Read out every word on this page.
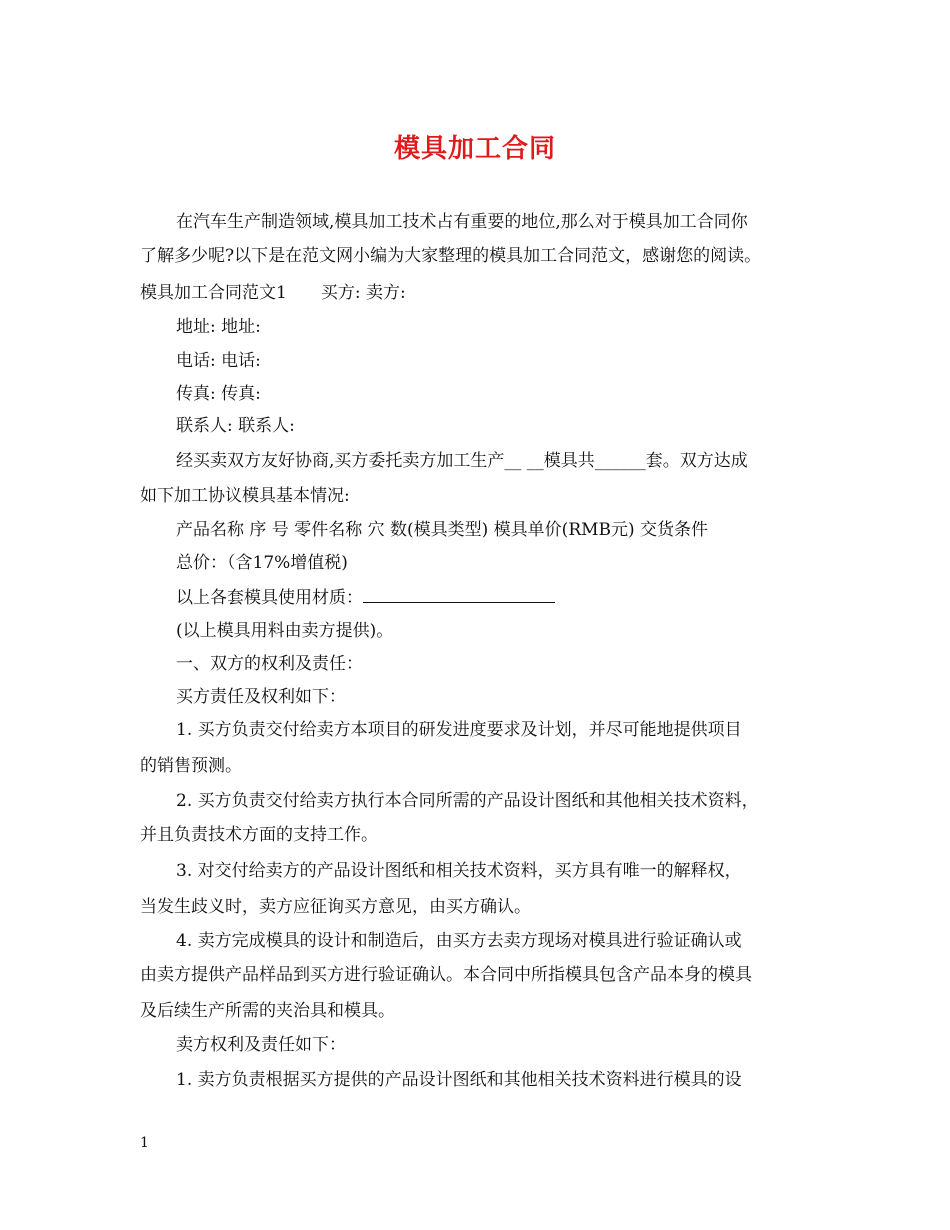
模具加工合同
在汽车生产制造领域,模具加工技术占有重要的地位,那么对于模具加工合同你
了解多少呢?以下是在范文网小编为大家整理的模具加工合同范文，感谢您的阅读。
模具加工合同范文1 买方: 卖方:
地址: 地址:
电话: 电话:
传真: 传真:
联系人: 联系人:
经买卖双方友好协商,买方委托卖方加工生产__ __模具共______套。双方达成
如下加工协议模具基本情况:
产品名称 序 号 零件名称 穴 数(模具类型) 模具单价(RMB元) 交货条件
总价：（含17%增值税)
以上各套模具使用材质：
(以上模具用料由卖方提供)。
一、双方的权利及责任：
买方责任及权利如下：
1. 买方负责交付给卖方本项目的研发进度要求及计划，并尽可能地提供项目
的销售预测。
2. 买方负责交付给卖方执行本合同所需的产品设计图纸和其他相关技术资料，
并且负责技术方面的支持工作。
3. 对交付给卖方的产品设计图纸和相关技术资料，买方具有唯一的解释权，
当发生歧义时，卖方应征询买方意见，由买方确认。
4. 卖方完成模具的设计和制造后，由买方去卖方现场对模具进行验证确认或
由卖方提供产品样品到买方进行验证确认。本合同中所指模具包含产品本身的模具
及后续生产所需的夹治具和模具。
卖方权利及责任如下：
1. 卖方负责根据买方提供的产品设计图纸和其他相关技术资料进行模具的设
1
